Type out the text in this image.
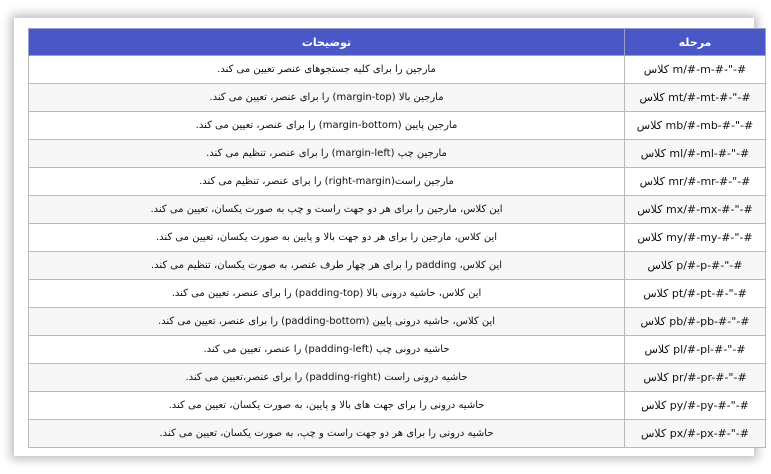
مرحله	توضیحات
کلاس m/#-m-#-"-#	مارجین را برای کلیه جستجوهای عنصر تعیین می کند.
کلاس mt/#-mt-#-"-#	مارجین بالا (margin-top) را برای عنصر، تعیین می کند.
کلاس mb/#-mb-#-"-#	مارجین پایین (margin-bottom) را برای عنصر، تعیین می کند.
کلاس ml/#-ml-#-"-#	مارجین چپ (margin-left) را برای عنصر، تنظیم می کند.
کلاس mr/#-mr-#-"-#	مارجین راست(right-margin) را برای عنصر، تنظیم می کند.
کلاس mx/#-mx-#-"-#	این کلاس، مارجین را برای هر دو جهت راست و چپ به صورت یکسان، تعیین می کند.
کلاس my/#-my-#-"-#	این کلاس، مارجین را برای هر دو جهت بالا و پایین به صورت یکسان، تعیین می کند.
کلاس p/#-p-#-"-#	این کلاس، padding را برای هر چهار طرف عنصر، به صورت یکسان، تنظیم می کند.
کلاس pt/#-pt-#-"-#	این کلاس، حاشیه درونی بالا (padding-top) را برای عنصر، تعیین می کند.
کلاس pb/#-pb-#-"-#	این کلاس، حاشیه درونی پایین (padding-bottom) را برای عنصر، تعیین می کند.
کلاس pl/#-pl-#-"-#	حاشیه درونی چپ (padding-left) را عنصر، تعیین می کند.
کلاس pr/#-pr-#-"-#	حاشیه درونی راست (padding-right) را برای عنصر،تعیین می کند.
کلاس py/#-py-#-"-#	حاشیه درونی را برای جهت های بالا و پایین، به صورت یکسان، تعیین می کند.
کلاس px/#-px-#-"-#	حاشیه درونی را برای هر دو جهت راست و چپ، به صورت یکسان، تعیین می کند.
